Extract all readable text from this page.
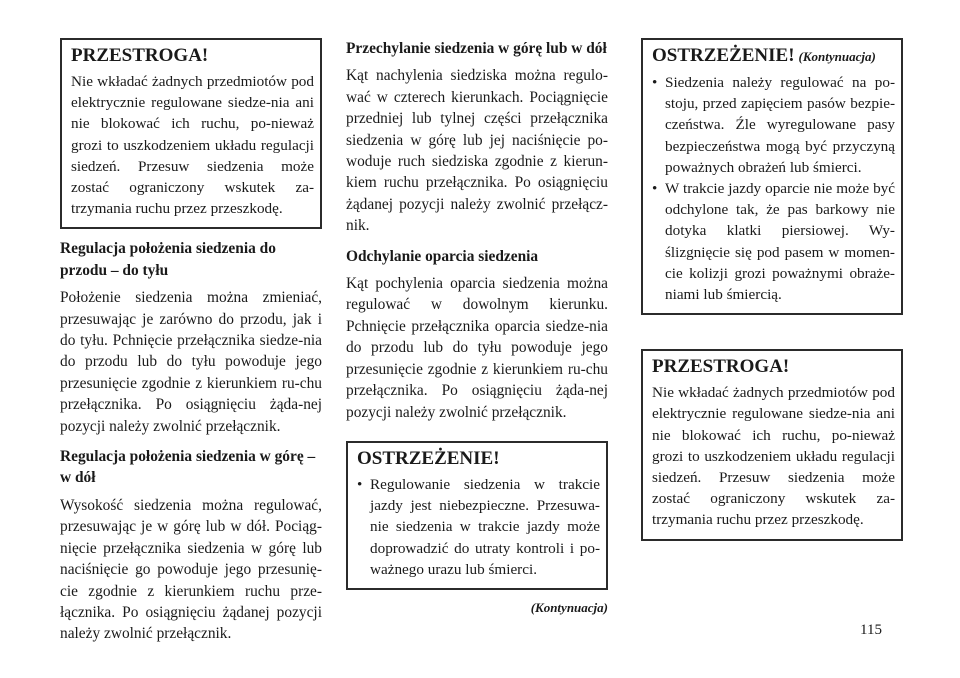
PRZESTROGA!

Nie wkładać żadnych przedmiotów pod elektrycznie regulowane siedze-nia ani nie blokować ich ruchu, po-nieważ grozi to uszkodzeniem układu regulacji siedzeń. Przesuw siedzenia może zostać ograniczony wskutek za-trzymania ruchu przez przeszkodę.

Regulacja położenia siedzenia do przodu – do tyłu

Położenie siedzenia można zmieniać, przesuwając je zarówno do przodu, jak i do tyłu. Pchnięcie przełącznika siedze-nia do przodu lub do tyłu powoduje jego przesunięcie zgodnie z kierunkiem ru-chu przełącznika. Po osiągnięciu żąda-nej pozycji należy zwolnić przełącznik.

Regulacja położenia siedzenia w górę – w dół

Wysokość siedzenia można regulować, przesuwając je w górę lub w dół. Pociąg-nięcie przełącznika siedzenia w górę lub naciśnięcie go powoduje jego przesunię-cie zgodnie z kierunkiem ruchu prze-łącznika. Po osiągnięciu żądanej pozycji należy zwolnić przełącznik.

Przechylanie siedzenia w górę lub w dół

Kąt nachylenia siedziska można regulo-wać w czterech kierunkach. Pociągnięcie przedniej lub tylnej części przełącznika siedzenia w górę lub jej naciśnięcie po-woduje ruch siedziska zgodnie z kierun-kiem ruchu przełącznika. Po osiągnięciu żądanej pozycji należy zwolnić przełącz-nik.

Odchylanie oparcia siedzenia

Kąt pochylenia oparcia siedzenia można regulować w dowolnym kierunku. Pchnięcie przełącznika oparcia siedze-nia do przodu lub do tyłu powoduje jego przesunięcie zgodnie z kierunkiem ru-chu przełącznika. Po osiągnięciu żąda-nej pozycji należy zwolnić przełącznik.

OSTRZEŻENIE!
• Regulowanie siedzenia w trakcie jazdy jest niebezpieczne. Przesuwa-nie siedzenia w trakcie jazdy może doprowadzić do utraty kontroli i po-ważnego urazu lub śmierci.
(Kontynuacja)
OSTRZEŻENIE! (Kontynuacja)
• Siedzenia należy regulować na po-stoju, przed zapięciem pasów bezpie-czeństwa. Źle wyregulowane pasy bezpieczeństwa mogą być przyczyną poważnych obrażeń lub śmierci.
• W trakcie jazdy oparcie nie może być odchylone tak, że pas barkowy nie dotyka klatki piersiowej. Wy-ślizgnięcie się pod pasem w momen-cie kolizji grozi poważnymi obraże-niami lub śmiercią.
PRZESTROGA!

Nie wkładać żadnych przedmiotów pod elektrycznie regulowane siedze-nia ani nie blokować ich ruchu, po-nieważ grozi to uszkodzeniem układu regulacji siedzeń. Przesuw siedzenia może zostać ograniczony wskutek za-trzymania ruchu przez przeszkodę.

115
